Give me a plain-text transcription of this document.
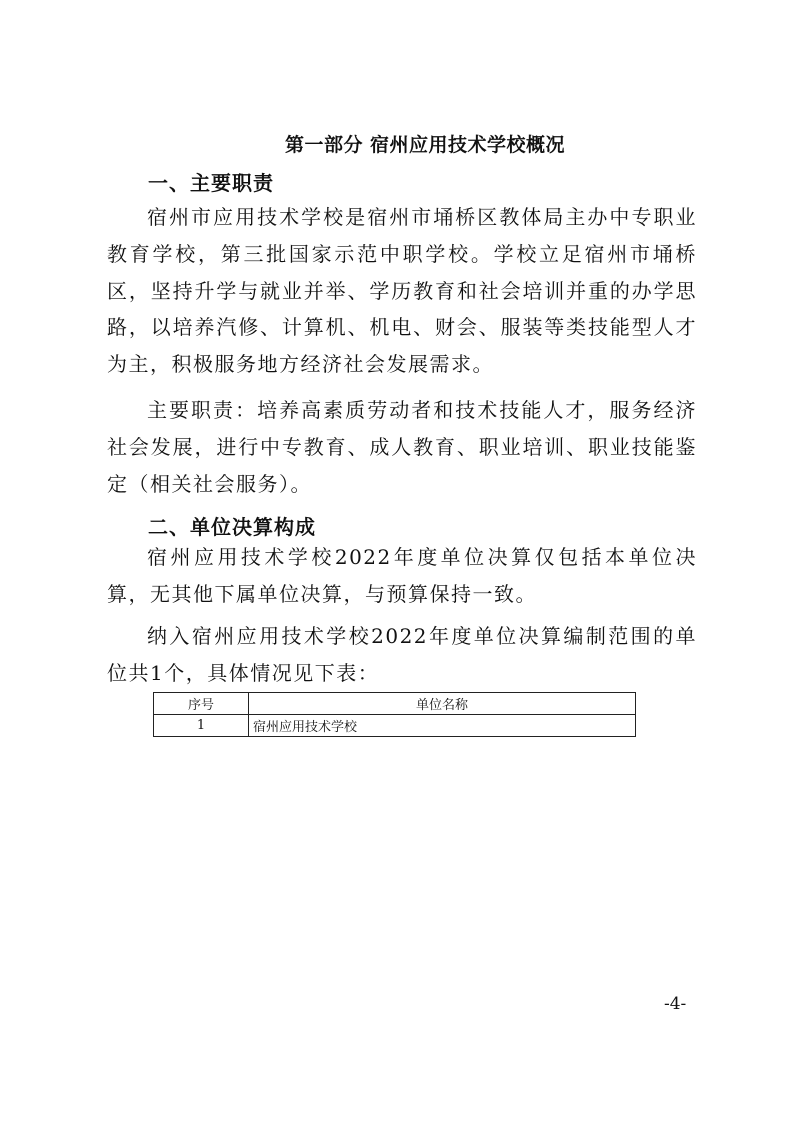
第一部分 宿州应用技术学校概况
一、主要职责

宿州市应用技术学校是宿州市埇桥区教体局主办中专职业教育学校，第三批国家示范中职学校。学校立足宿州市埇桥区，坚持升学与就业并举、学历教育和社会培训并重的办学思路，以培养汽修、计算机、机电、财会、服装等类技能型人才为主，积极服务地方经济社会发展需求。

主要职责：培养高素质劳动者和技术技能人才，服务经济社会发展，进行中专教育、成人教育、职业培训、职业技能鉴定（相关社会服务）。

二、单位决算构成

宿州应用技术学校2022年度单位决算仅包括本单位决算，无其他下属单位决算，与预算保持一致。

纳入宿州应用技术学校2022年度单位决算编制范围的单位共1个，具体情况见下表：

序号	单位名称
1	宿州应用技术学校
-4-
